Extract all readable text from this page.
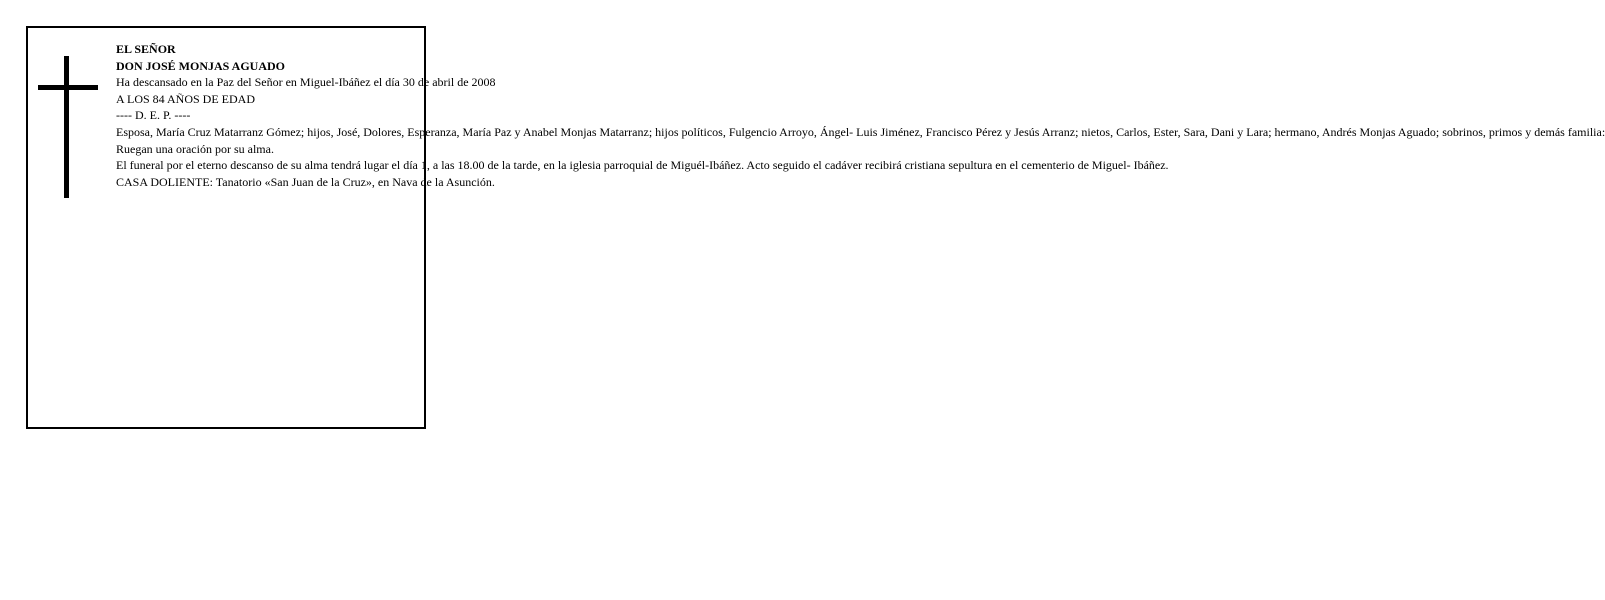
EL SEÑOR

DON JOSÉ MONJAS AGUADO

Ha descansado en la Paz del Señor en Miguel-Ibáñez el día 30 de abril de 2008

A LOS 84 AÑOS DE EDAD

---- D. E. P. ----

Esposa, María Cruz Matarranz Gómez; hijos, José, Dolores, Esperanza, María Paz y Anabel Monjas Matarranz; hijos políticos, Fulgencio Arroyo, Ángel- Luis Jiménez, Francisco Pérez y Jesús Arranz; nietos, Carlos, Ester, Sara, Dani y Lara; hermano, Andrés Monjas Aguado; sobrinos, primos y demás familia:

Ruegan una oración por su alma.

El funeral por el eterno descanso de su alma tendrá lugar el día 1, a las 18.00 de la tarde, en la iglesia parroquial de Miguél-Ibáñez. Acto seguido el cadáver recibirá cristiana sepultura en el cementerio de Miguel- Ibáñez.

CASA DOLIENTE: Tanatorio «San Juan de la Cruz», en Nava de la Asunción.
